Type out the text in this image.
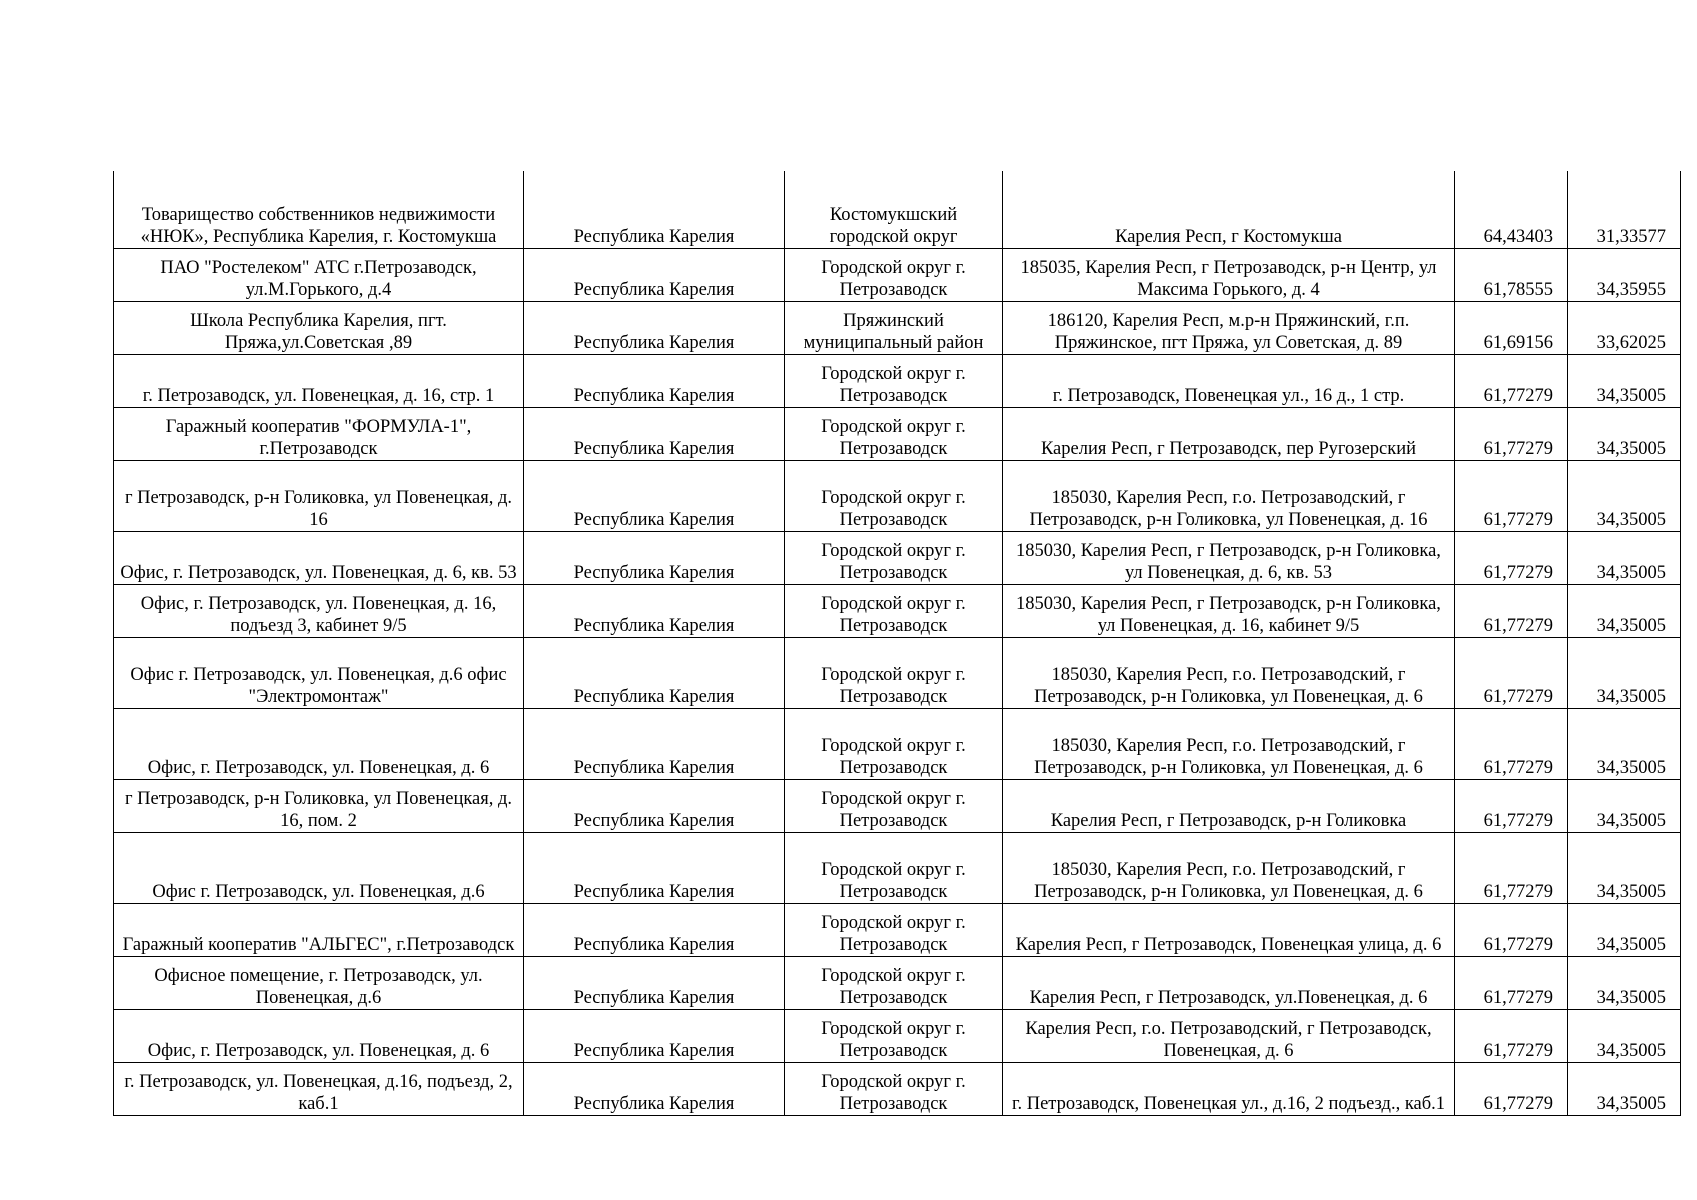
Товарищество собственников недвижимости «НЮК», Республика Карелия, г. Костомукша	Республика Карелия	Костомукшский городской округ	Карелия Респ, г Костомукша	64,43403	31,33577
ПАО "Ростелеком" АТС г.Петрозаводск, ул.М.Горького, д.4	Республика Карелия	Городской округ г. Петрозаводск	185035, Карелия Респ, г Петрозаводск, р-н Центр, ул Максима Горького, д. 4	61,78555	34,35955
Школа Республика Карелия, пгт. Пряжа,ул.Советская ,89	Республика Карелия	Пряжинский муниципальный район	186120, Карелия Респ, м.р-н Пряжинский, г.п. Пряжинское, пгт Пряжа, ул Советская, д. 89	61,69156	33,62025
г. Петрозаводск, ул. Повенецкая, д. 16, стр. 1	Республика Карелия	Городской округ г. Петрозаводск	г. Петрозаводск, Повенецкая ул., 16 д., 1 стр.	61,77279	34,35005
Гаражный кооператив "ФОРМУЛА-1", г.Петрозаводск	Республика Карелия	Городской округ г. Петрозаводск	Карелия Респ, г Петрозаводск, пер Ругозерский	61,77279	34,35005
г Петрозаводск, р-н Голиковка, ул Повенецкая, д. 16	Республика Карелия	Городской округ г. Петрозаводск	185030, Карелия Респ, г.о. Петрозаводский, г Петрозаводск, р-н Голиковка, ул Повенецкая, д. 16	61,77279	34,35005
Офис, г. Петрозаводск, ул. Повенецкая, д. 6, кв. 53	Республика Карелия	Городской округ г. Петрозаводск	185030, Карелия Респ, г Петрозаводск, р-н Голиковка, ул Повенецкая, д. 6, кв. 53	61,77279	34,35005
Офис, г. Петрозаводск, ул. Повенецкая, д. 16, подъезд 3, кабинет 9/5	Республика Карелия	Городской округ г. Петрозаводск	185030, Карелия Респ, г Петрозаводск, р-н Голиковка, ул Повенецкая, д. 16, кабинет 9/5	61,77279	34,35005
Офис г. Петрозаводск, ул. Повенецкая, д.6 офис "Электромонтаж"	Республика Карелия	Городской округ г. Петрозаводск	185030, Карелия Респ, г.о. Петрозаводский, г Петрозаводск, р-н Голиковка, ул Повенецкая, д. 6	61,77279	34,35005
Офис, г. Петрозаводск, ул. Повенецкая, д. 6	Республика Карелия	Городской округ г. Петрозаводск	185030, Карелия Респ, г.о. Петрозаводский, г Петрозаводск, р-н Голиковка, ул Повенецкая, д. 6	61,77279	34,35005
г Петрозаводск, р-н Голиковка, ул Повенецкая, д. 16, пом. 2	Республика Карелия	Городской округ г. Петрозаводск	Карелия Респ, г Петрозаводск, р-н Голиковка	61,77279	34,35005
Офис г. Петрозаводск, ул. Повенецкая, д.6	Республика Карелия	Городской округ г. Петрозаводск	185030, Карелия Респ, г.о. Петрозаводский, г Петрозаводск, р-н Голиковка, ул Повенецкая, д. 6	61,77279	34,35005
Гаражный кооператив "АЛЬГЕС", г.Петрозаводск	Республика Карелия	Городской округ г. Петрозаводск	Карелия Респ, г Петрозаводск, Повенецкая улица, д. 6	61,77279	34,35005
Офисное помещение, г. Петрозаводск, ул. Повенецкая, д.6	Республика Карелия	Городской округ г. Петрозаводск	Карелия Респ, г Петрозаводск, ул.Повенецкая, д. 6	61,77279	34,35005
Офис, г. Петрозаводск, ул. Повенецкая, д. 6	Республика Карелия	Городской округ г. Петрозаводск	Карелия Респ, г.о. Петрозаводский, г Петрозаводск, Повенецкая, д. 6	61,77279	34,35005
г. Петрозаводск, ул. Повенецкая, д.16, подъезд, 2, каб.1	Республика Карелия	Городской округ г. Петрозаводск	г. Петрозаводск, Повенецкая ул., д.16, 2 подъезд., каб.1	61,77279	34,35005
